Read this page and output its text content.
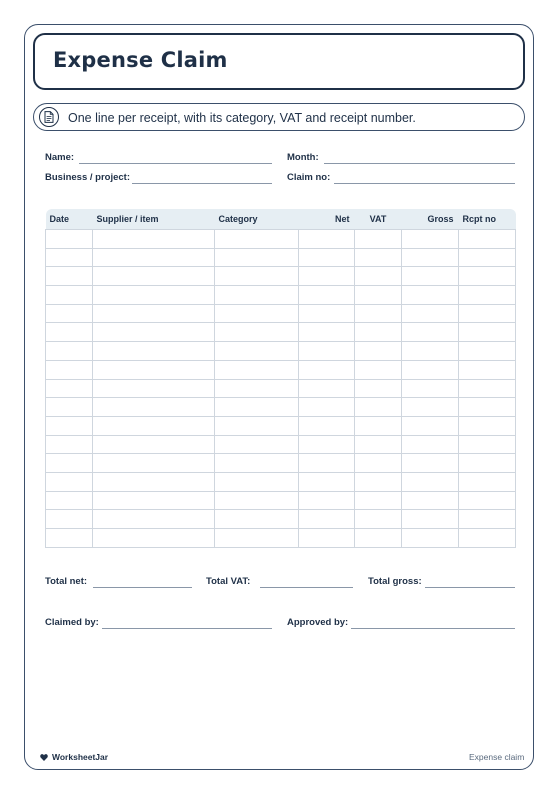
Expense Claim
One line per receipt, with its category, VAT and receipt number.
Name:	Month:
Business / project:	Claim no:
Date	Supplier / item	Category	Net	VAT	Gross	Rcpt no

Total net:	Total VAT:	Total gross:
Claimed by:	Approved by:
WorksheetJar	Expense claim
